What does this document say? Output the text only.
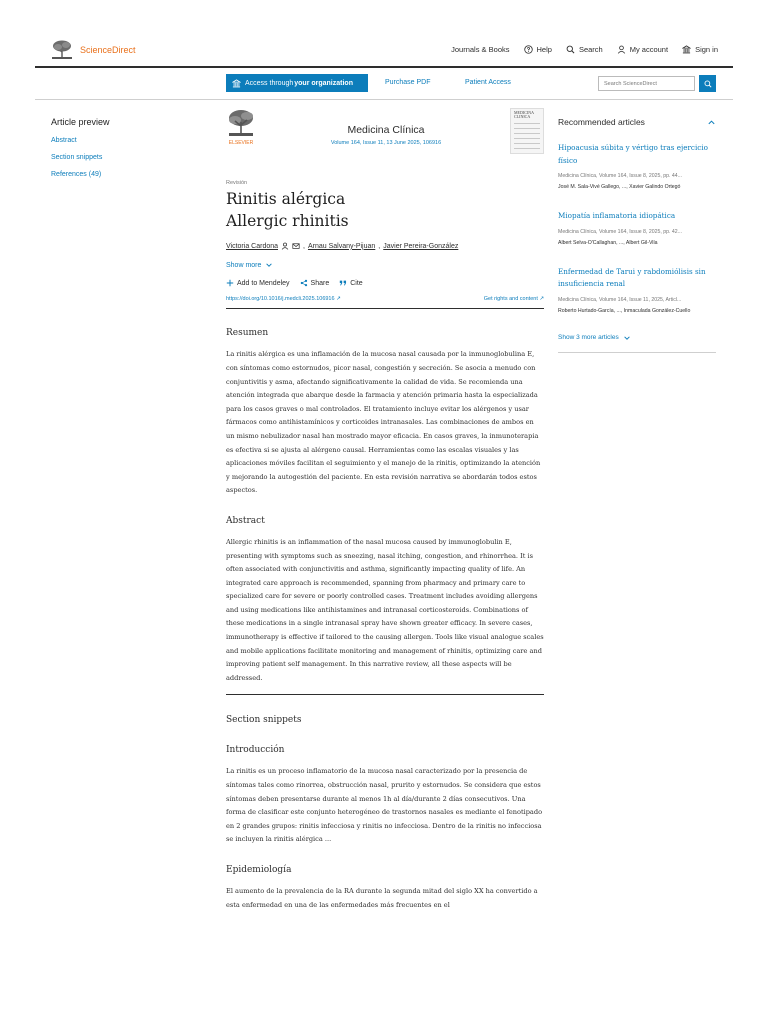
ScienceDirect	Journals & Books	Help	Search	My account	Sign in
Access through your organization	Purchase PDF	Patient Access	Search ScienceDirect
Article preview
Abstract
Section snippets
References (49)
ELSEVIER
Medicina Clínica
Volume 164, Issue 11, 13 June 2025, 106916
MEDICINA CLINICA
Revisión
Rinitis alérgica
Allergic rhinitis
Victoria Cardona	, Arnau Salvany-Pijuan , Javier Pereira-González
Show more
Add to Mendeley	Share	Cite
https://doi.org/10.1016/j.medcli.2025.106916 ↗	Get rights and content ↗
Resumen

La rinitis alérgica es una inflamación de la mucosa nasal causada por la inmunoglobulina E, con síntomas como estornudos, picor nasal, congestión y secreción. Se asocia a menudo con conjuntivitis y asma, afectando significativamente la calidad de vida. Se recomienda una atención integrada que abarque desde la farmacia y atención primaria hasta la especializada para los casos graves o mal controlados. El tratamiento incluye evitar los alérgenos y usar fármacos como antihistamínicos y corticoides intranasales. Las combinaciones de ambos en un mismo nebulizador nasal han mostrado mayor eficacia. En casos graves, la inmunoterapia es efectiva si se ajusta al alérgeno causal. Herramientas como las escalas visuales y las aplicaciones móviles facilitan el seguimiento y el manejo de la rinitis, optimizando la atención y mejorando la autogestión del paciente. En esta revisión narrativa se abordarán todos estos aspectos.

Abstract

Allergic rhinitis is an inflammation of the nasal mucosa caused by immunoglobulin E, presenting with symptoms such as sneezing, nasal itching, congestion, and rhinorrhea. It is often associated with conjunctivitis and asthma, significantly impacting quality of life. An integrated care approach is recommended, spanning from pharmacy and primary care to specialized care for severe or poorly controlled cases. Treatment includes avoiding allergens and using medications like antihistamines and intranasal corticosteroids. Combinations of these medications in a single intranasal spray have shown greater efficacy. In severe cases, immunotherapy is effective if tailored to the causing allergen. Tools like visual analogue scales and mobile applications facilitate monitoring and management of rhinitis, optimizing care and improving patient self management. In this narrative review, all these aspects will be addressed.

Section snippets
Introducción

La rinitis es un proceso inflamatorio de la mucosa nasal caracterizado por la presencia de síntomas tales como rinorrea, obstrucción nasal, prurito y estornudos. Se considera que estos síntomas deben presentarse durante al menos 1h al día/durante 2 días consecutivos. Una forma de clasificar este conjunto heterogéneo de trastornos nasales es mediante el fenotipado en 2 grandes grupos: rinitis infecciosa y rinitis no infecciosa. Dentro de la rinitis no infecciosa se incluyen la rinitis alérgica ...

Epidemiología

El aumento de la prevalencia de la RA durante la segunda mitad del siglo XX ha convertido a esta enfermedad en una de las enfermedades más frecuentes en el

Recommended articles
Hipoacusia súbita y vértigo tras ejercicio físico
Medicina Clínica, Volume 164, Issue 8, 2025, pp. 44...
José M. Sala-Vivé Gallego, ..., Xavier Galindo Ortegó
Miopatía inflamatoria idiopática
Medicina Clínica, Volume 164, Issue 8, 2025, pp. 42...
Albert Selva-O'Callaghan, ..., Albert Gil-Vila
Enfermedad de Tarui y rabdomiólisis sin insuficiencia renal
Medicina Clínica, Volume 164, Issue 11, 2025, Articl...
Roberto Hurtado-García, ..., Inmaculada González-Cuello
Show 3 more articles
